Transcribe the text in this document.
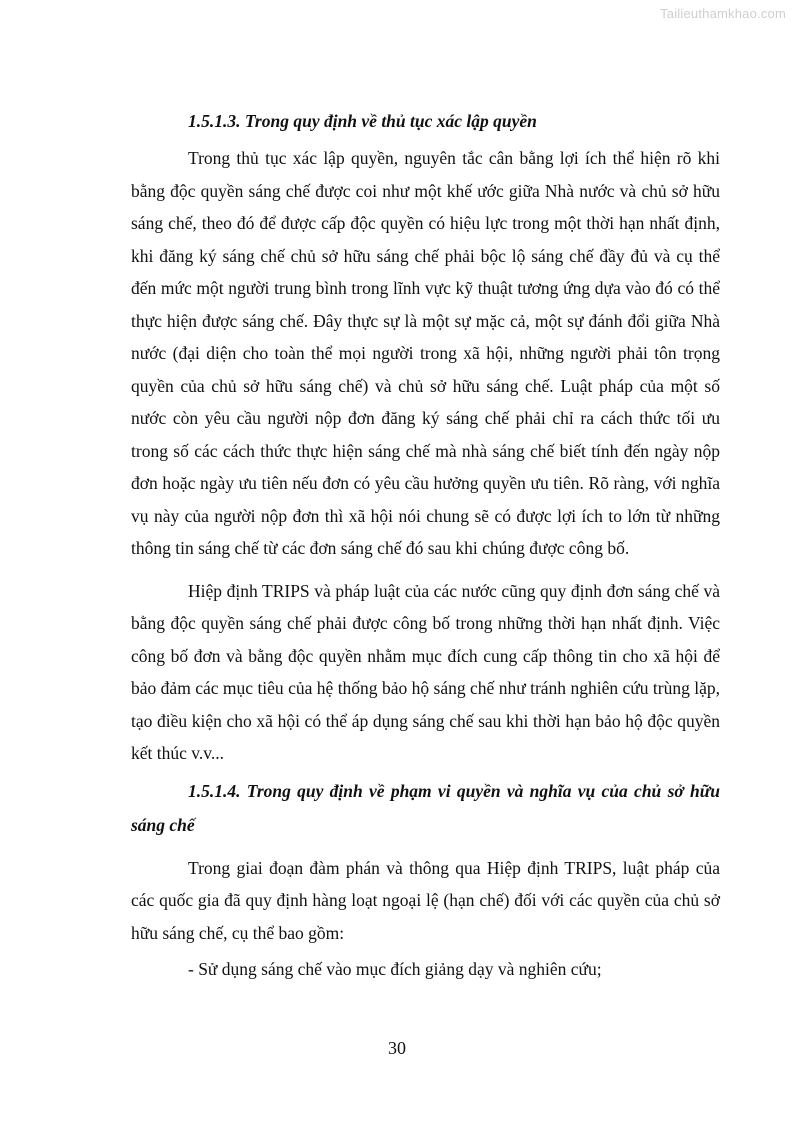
Tailieuthamkhao.com

1.5.1.3. Trong quy định về thủ tục xác lập quyền

Trong thủ tục xác lập quyền, nguyên tắc cân bằng lợi ích thể hiện rõ khi bằng độc quyền sáng chế được coi như một khế ước giữa Nhà nước và chủ sở hữu sáng chế, theo đó để được cấp độc quyền có hiệu lực trong một thời hạn nhất định, khi đăng ký sáng chế chủ sở hữu sáng chế phải bộc lộ sáng chế đầy đủ và cụ thể đến mức một người trung bình trong lĩnh vực kỹ thuật tương ứng dựa vào đó có thể thực hiện được sáng chế. Đây thực sự là một sự mặc cả, một sự đánh đổi giữa Nhà nước (đại diện cho toàn thể mọi người trong xã hội, những người phải tôn trọng quyền của chủ sở hữu sáng chế) và chủ sở hữu sáng chế. Luật pháp của một số nước còn yêu cầu người nộp đơn đăng ký sáng chế phải chỉ ra cách thức tối ưu trong số các cách thức thực hiện sáng chế mà nhà sáng chế biết tính đến ngày nộp đơn hoặc ngày ưu tiên nếu đơn có yêu cầu hưởng quyền ưu tiên. Rõ ràng, với nghĩa vụ này của người nộp đơn thì xã hội nói chung sẽ có được lợi ích to lớn từ những thông tin sáng chế từ các đơn sáng chế đó sau khi chúng được công bố.

Hiệp định TRIPS và pháp luật của các nước cũng quy định đơn sáng chế và bằng độc quyền sáng chế phải được công bố trong những thời hạn nhất định. Việc công bố đơn và bằng độc quyền nhằm mục đích cung cấp thông tin cho xã hội để bảo đảm các mục tiêu của hệ thống bảo hộ sáng chế như tránh nghiên cứu trùng lặp, tạo điều kiện cho xã hội có thể áp dụng sáng chế sau khi thời hạn bảo hộ độc quyền kết thúc v.v...

1.5.1.4. Trong quy định về phạm vi quyền và nghĩa vụ của chủ sở hữu sáng chế

Trong giai đoạn đàm phán và thông qua Hiệp định TRIPS, luật pháp của các quốc gia đã quy định hàng loạt ngoại lệ (hạn chế) đối với các quyền của chủ sở hữu sáng chế, cụ thể bao gồm:

- Sử dụng sáng chế vào mục đích giảng dạy và nghiên cứu;

30
